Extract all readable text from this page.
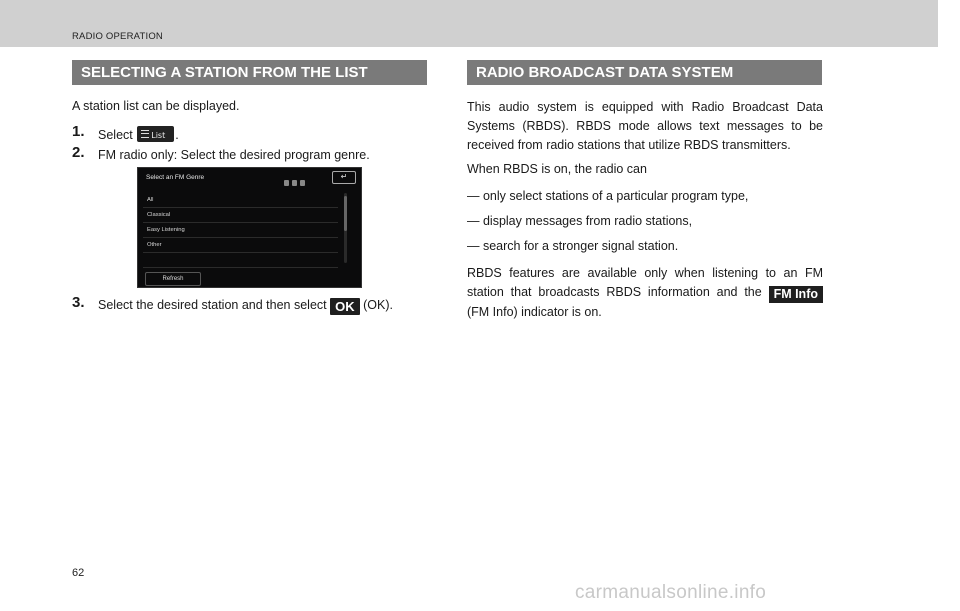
RADIO OPERATION
SELECTING A STATION FROM THE LIST
A station list can be displayed.
1. Select List .
2. FM radio only: Select the desired program genre.
Select an FM Genre	↵
All
Classical
Easy Listening
Other
Refresh
3. Select the desired station and then select OK (OK).
RADIO BROADCAST DATA SYSTEM
This audio system is equipped with Radio Broadcast Data Systems (RBDS). RBDS mode allows text messages to be received from radio stations that utilize RBDS transmitters.
When RBDS is on, the radio can
— only select stations of a particular program type,
— display messages from radio stations,
— search for a stronger signal station.
RBDS features are available only when listening to an FM station that broadcasts RBDS information and the FM Info (FM Info) indicator is on.
62
carmanualsonline.info
